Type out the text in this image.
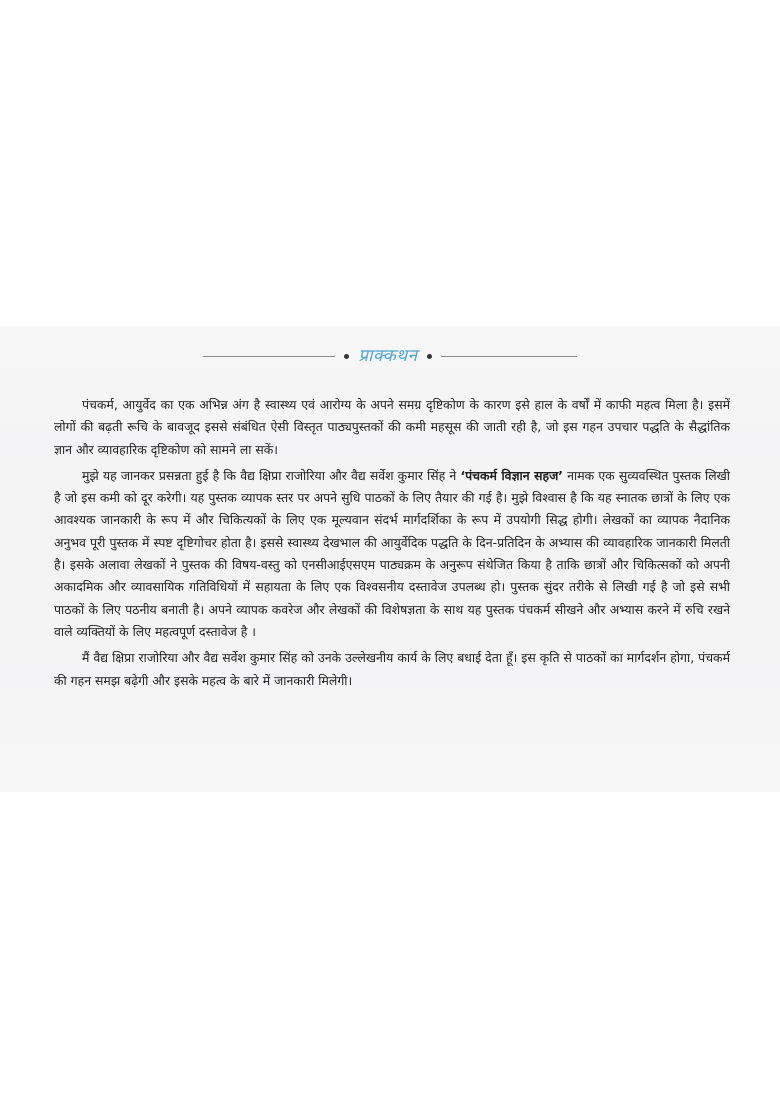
प्राक्कथन

पंचकर्म, आयुर्वेद का एक अभिन्न अंग है स्वास्थ्य एवं आरोग्य के अपने समग्र दृष्टिकोण के कारण इसे हाल के वर्षों में काफी महत्व मिला है। इसमें लोगों की बढ़ती रूचि के बावजूद इससे संबंधित ऐसी विस्तृत पाठ्यपुस्तकों की कमी महसूस की जाती रही है, जो इस गहन उपचार पद्धति के सैद्धांतिक ज्ञान और व्यावहारिक दृष्टिकोण को सामने ला सकें।

मुझे यह जानकर प्रसन्नता हुई है कि वैद्य क्षिप्रा राजोरिया और वैद्य सर्वेश कुमार सिंह ने ‘पंचकर्म विज्ञान सहज’ नामक एक सुव्यवस्थित पुस्तक लिखी है जो इस कमी को दूर करेगी। यह पुस्तक व्यापक स्तर पर अपने सुधि पाठकों के लिए तैयार की गई है। मुझे विश्वास है कि यह स्नातक छात्रों के लिए एक आवश्यक जानकारी के रूप में और चिकित्यकों के लिए एक मूल्यवान संदर्भ मार्गदर्शिका के रूप में उपयोगी सिद्ध होगी। लेखकों का व्यापक नैदानिक अनुभव पूरी पुस्तक में स्पष्ट दृष्टिगोचर होता है। इससे स्वास्थ्य देखभाल की आयुर्वेदिक पद्धति के दिन-प्रतिदिन के अभ्यास की व्यावहारिक जानकारी मिलती है। इसके अलावा लेखकों ने पुस्तक की विषय-वस्तु को एनसीआईएसएम पाठ्यक्रम के अनुरूप संथेजित किया है ताकि छात्रों और चिकित्सकों को अपनी अकादमिक और व्यावसायिक गतिविधियों में सहायता के लिए एक विश्वसनीय दस्तावेज उपलब्ध हो। पुस्तक सुंदर तरीके से लिखी गई है जो इसे सभी पाठकों के लिए पठनीय बनाती है। अपने व्यापक कवरेज और लेखकों की विशेषज्ञता के साथ यह पुस्तक पंचकर्म सीखने और अभ्यास करने में रुचि रखने वाले व्यक्तियों के लिए महत्वपूर्ण दस्तावेज है ।

मैं वैद्य क्षिप्रा राजोरिया और वैद्य सर्वेश कुमार सिंह को उनके उल्लेखनीय कार्य के लिए बधाई देता हूँ। इस कृति से पाठकों का मार्गदर्शन होगा, पंचकर्म की गहन समझ बढ़ेगी और इसके महत्व के बारे में जानकारी मिलेगी।
